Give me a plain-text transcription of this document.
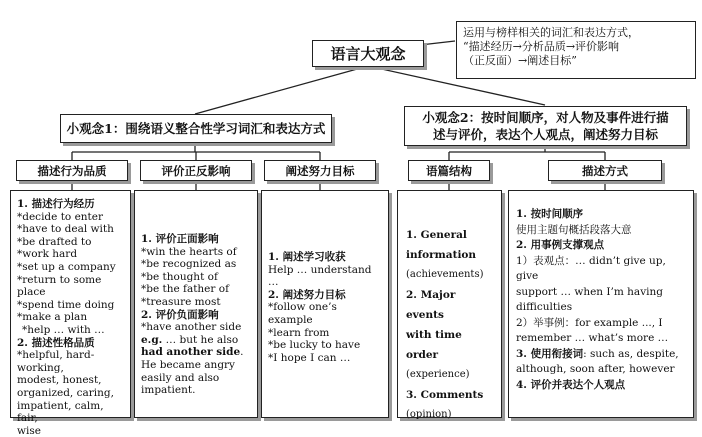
语言大观念
运用与榜样相关的词汇和表达方式，
“描述经历→分析品质→评价影响
（正反面）→阐述目标”
小观念1：围绕语义整合性学习词汇和表达方式
小观念2：按时间顺序，对人物及事件进行描
述与评价，表达个人观点，阐述努力目标
描述行为品质	评价正反影响	阐述努力目标	语篇结构	描述方式
1. 描述行为经历
*decide to enter
*have to deal with
*be drafted to
*work hard
*set up a company
*return to some place
*spend time doing
*make a plan
*help … with …
2. 描述性格品质
*helpful, hard-working,
modest, honest,
organized, caring,
impatient, calm, fair,
wise
1. 评价正面影响
*win the hearts of
*be recognized as
*be thought of
*be the father of
*treasure most
2. 评价负面影响
*have another side
e.g. … but he also had another side. He became angry easily and also impatient.
1. 阐述学习收获
Help … understand …
2. 阐述努力目标
*follow one’s example
*learn from
*be lucky to have
*I hope I can …
1. General
information
(achievements)
2. Major events
with time order
(experience)
3. Comments
(opinion)
1. 按时间顺序
使用主题句概括段落大意
2. 用事例支撑观点
1）表观点：… didn’t give up, give
support … when I’m having
difficulties
2）举事例：for example ..., I
remember … what’s more …
3. 使用衔接词: such as, despite,
although, soon after, however
4. 评价并表达个人观点
